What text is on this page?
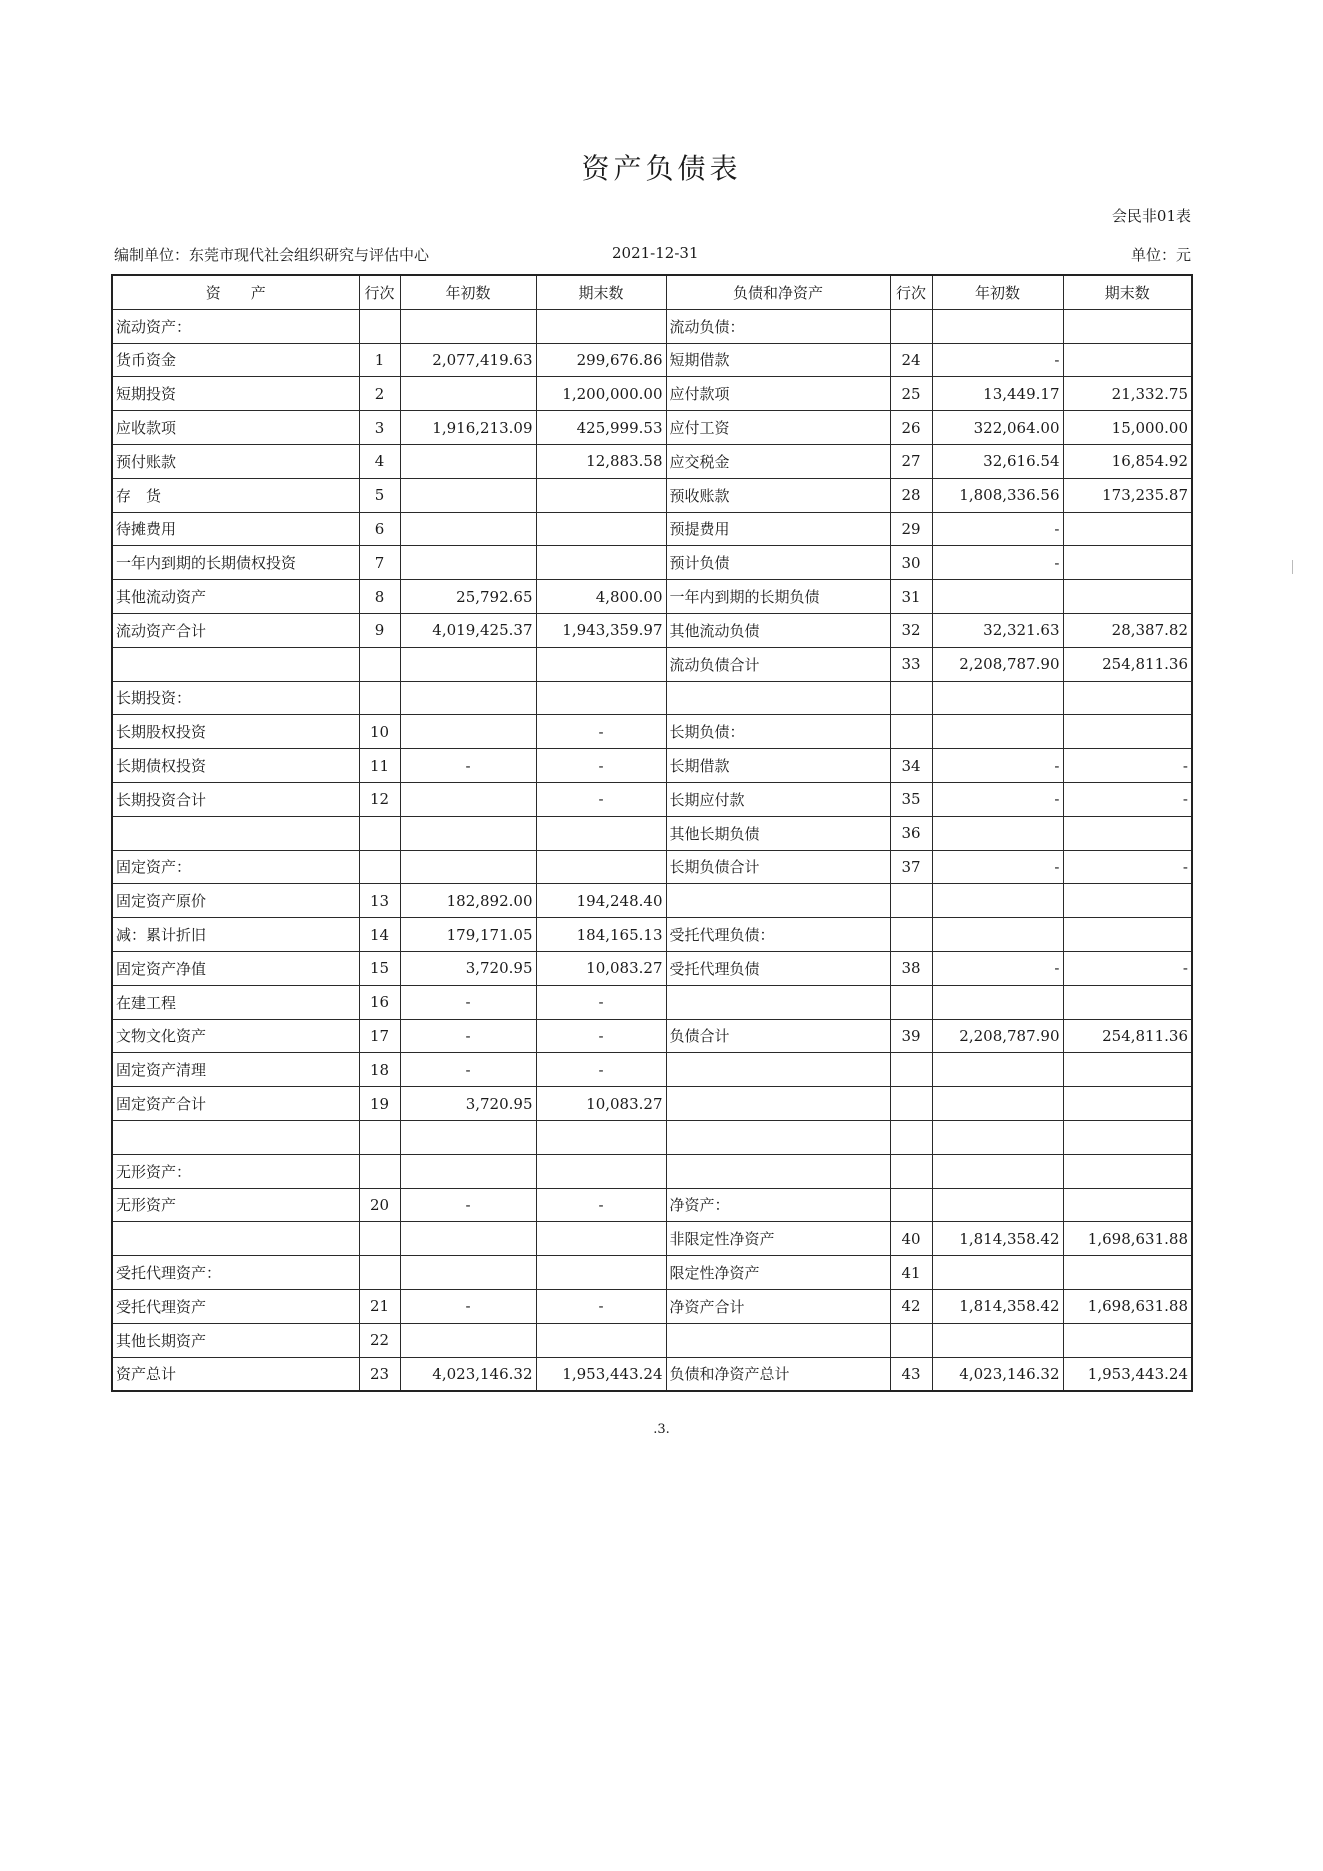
资产负债表
会民非01表
编制单位：东莞市现代社会组织研究与评估中心	2021-12-31	单位：元
资　　产	行次	年初数	期末数	负债和净资产	行次	年初数	期末数
流动资产：				流动负债：			
货币资金	1	2,077,419.63	299,676.86	短期借款	24	-	
短期投资	2		1,200,000.00	应付款项	25	13,449.17	21,332.75
应收款项	3	1,916,213.09	425,999.53	应付工资	26	322,064.00	15,000.00
预付账款	4		12,883.58	应交税金	27	32,616.54	16,854.92
存　货	5			预收账款	28	1,808,336.56	173,235.87
待摊费用	6			预提费用	29	-	
一年内到期的长期债权投资	7			预计负债	30	-	
其他流动资产	8	25,792.65	4,800.00	一年内到期的长期负债	31		
流动资产合计	9	4,019,425.37	1,943,359.97	其他流动负债	32	32,321.63	28,387.82
				流动负债合计	33	2,208,787.90	254,811.36
长期投资：							
长期股权投资	10		-	长期负债：			
长期债权投资	11	-	-	长期借款	34	-	-
长期投资合计	12		-	长期应付款	35	-	-
				其他长期负债	36		
固定资产：				长期负债合计	37	-	-
固定资产原价	13	182,892.00	194,248.40				
减：累计折旧	14	179,171.05	184,165.13	受托代理负债：			
固定资产净值	15	3,720.95	10,083.27	受托代理负债	38	-	-
在建工程	16	-	-				
文物文化资产	17	-	-	负债合计	39	2,208,787.90	254,811.36
固定资产清理	18	-	-				
固定资产合计	19	3,720.95	10,083.27				

无形资产：							
无形资产	20	-	-	净资产：			
				非限定性净资产	40	1,814,358.42	1,698,631.88
受托代理资产：				限定性净资产	41		
受托代理资产	21	-	-	净资产合计	42	1,814,358.42	1,698,631.88
其他长期资产	22						
资产总计	23	4,023,146.32	1,953,443.24	负债和净资产总计	43	4,023,146.32	1,953,443.24
.3.
